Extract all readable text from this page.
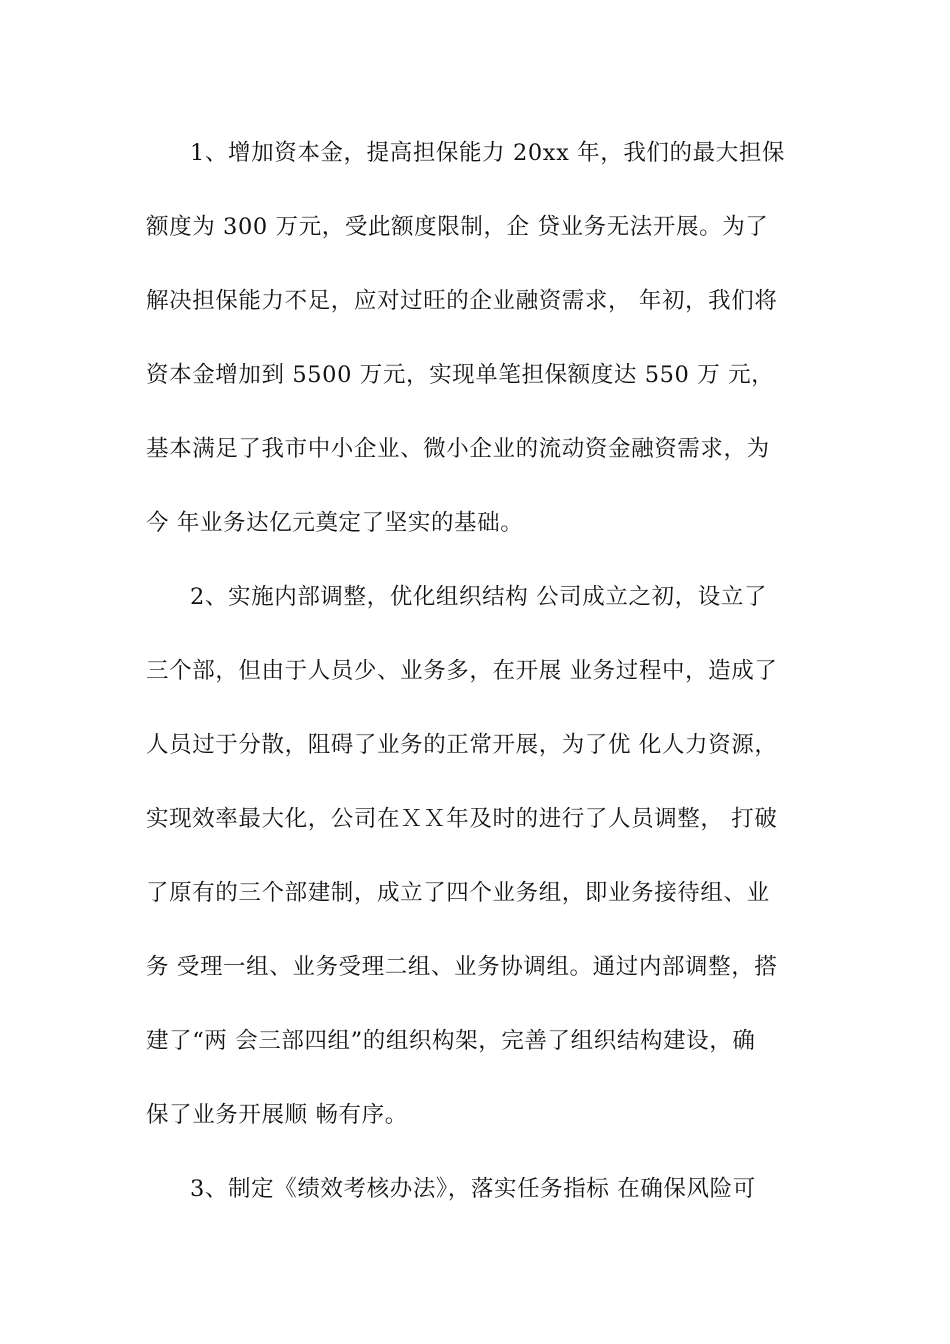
1、增加资本金，提高担保能力 20xx 年，我们的最大担保
额度为 300 万元，受此额度限制，企 贷业务无法开展。为了
解决担保能力不足，应对过旺的企业融资需求， 年初，我们将
资本金增加到 5500 万元，实现单笔担保额度达 550 万 元，
基本满足了我市中小企业、微小企业的流动资金融资需求，为
今 年业务达亿元奠定了坚实的基础。
2、实施内部调整，优化组织结构 公司成立之初，设立了
三个部，但由于人员少、业务多，在开展 业务过程中，造成了
人员过于分散，阻碍了业务的正常开展，为了优 化人力资源，
实现效率最大化，公司在ＸＸ年及时的进行了人员调整， 打破
了原有的三个部建制，成立了四个业务组，即业务接待组、业
务 受理一组、业务受理二组、业务协调组。通过内部调整，搭
建了“两 会三部四组”的组织构架，完善了组织结构建设，确
保了业务开展顺 畅有序。
3、制定《绩效考核办法》，落实任务指标 在确保风险可
